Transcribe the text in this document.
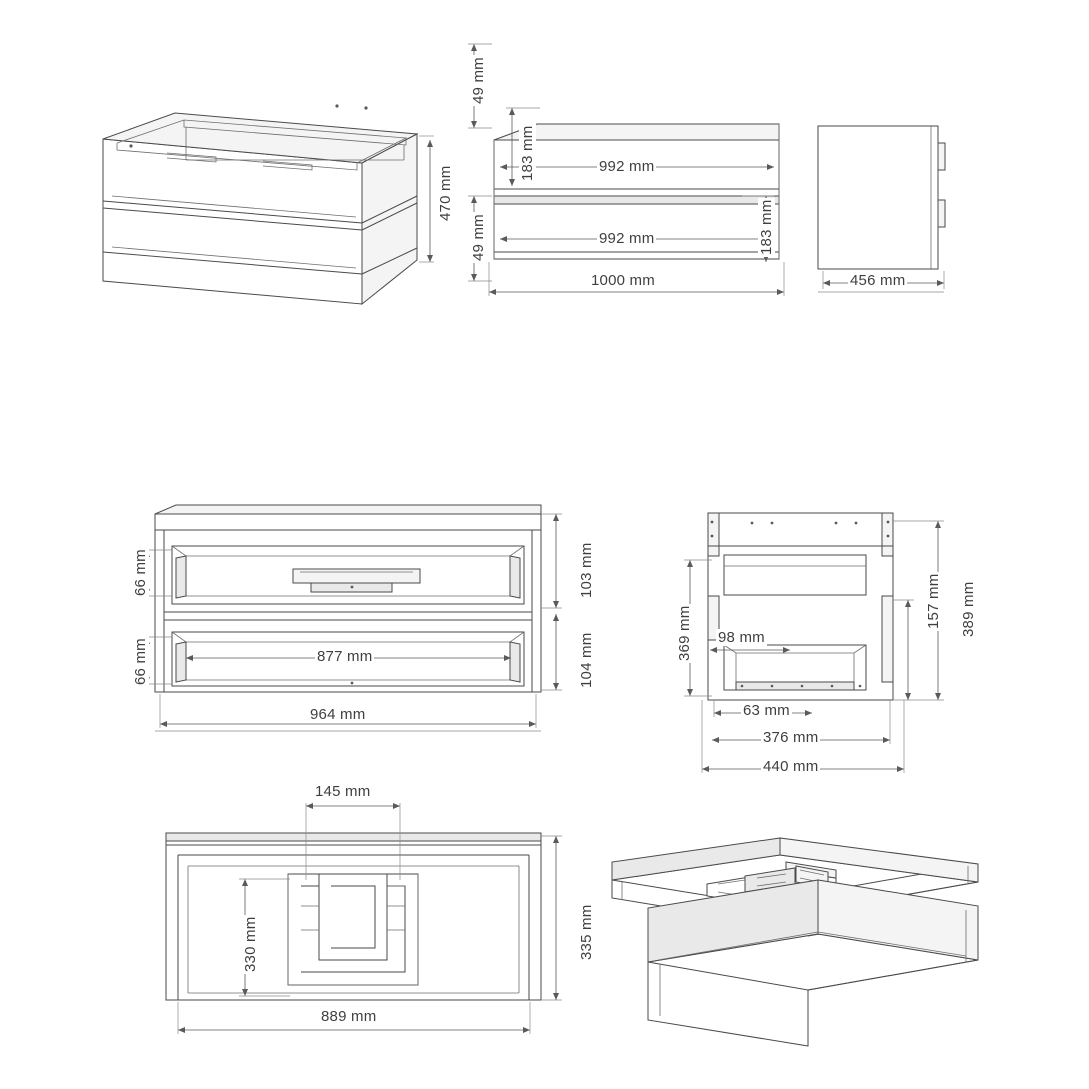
470 mm
49 mm
183 mm	992 mm
49 mm	183 mm
992 mm
1000 mm	456 mm
66 mm
66 mm
103 mm
104 mm
877 mm
964 mm
369 mm	389 mm
98 mm
157 mm
63 mm
376 mm
440 mm
145 mm
330 mm	335 mm
889 mm
